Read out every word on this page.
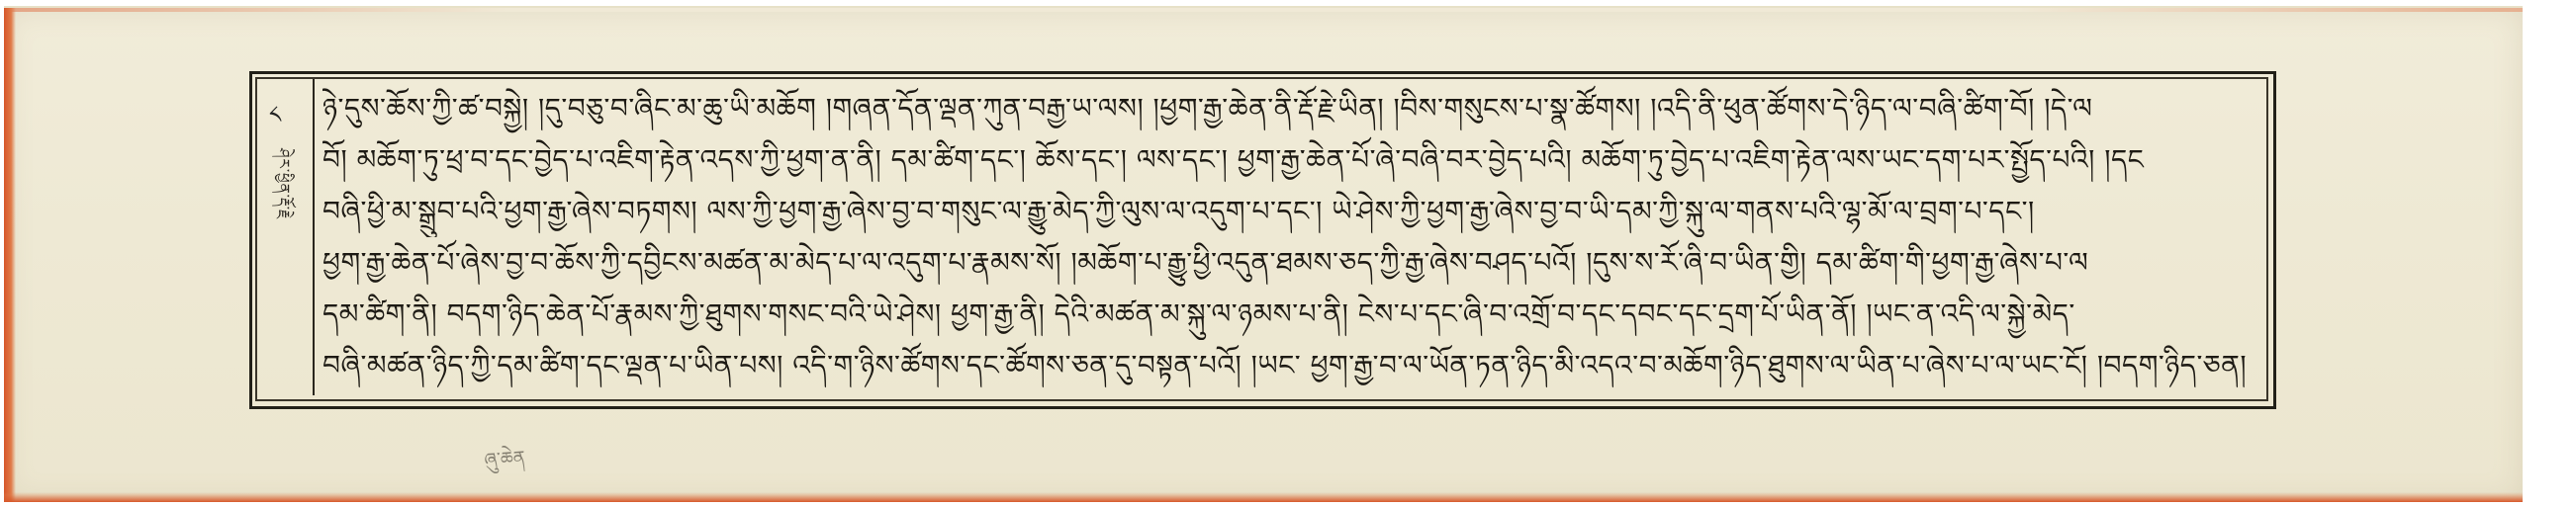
༨
ཤེར་ཕྱིན་རྡོ་རྗེ
ཉེ་དུས་ཆོས་ཀྱི་ཚ་བསྐྱེ། །དུ་བཅུ་བ་ཞིང་མ་ཆུ་ཡི་མཆོག །གཞན་དོན་ལྡན་ཀུན་བརྒྱ་ཡ་ལས། །ཕྱག་རྒྱ་ཆེན་ནི་རྡོ་རྗེ་ཡིན། །བིས་གསུངས་པ་སྣ་ཚོགས། །འདི་ནི་ཕུན་ཚོགས་དེ་ཉིད་ལ་བཞི་ཚིག་བོ། །དེ་ལ
བོ། མཆོག་ཏུ་ཕྲ་བ་དང་བྱེད་པ་འཇིག་རྟེན་འདས་ཀྱི་ཕྱག་ན་ནི། དམ་ཚིག་དང་། ཆོས་དང་། ལས་དང་། ཕྱག་རྒྱ་ཆེན་པོ་ཞེ་བཞི་བར་བྱེད་པའི། མཆོག་ཏུ་བྱེད་པ་འཇིག་རྟེན་ལས་ཡང་དག་པར་སྤྱོད་པའི། །དང
བཞི་ཕྱི་མ་སྒྲུབ་པའི་ཕྱག་རྒྱ་ཞེས་བཏགས། ལས་ཀྱི་ཕྱག་རྒྱ་ཞེས་བྱ་བ་གསུང་ལ་རྒྱུ་མེད་ཀྱི་ལུས་ལ་འདུག་པ་དང་། ཡེ་ཤེས་ཀྱི་ཕྱག་རྒྱ་ཞེས་བྱ་བ་ཡི་དམ་ཀྱི་སྐུ་ལ་གནས་པའི་ལྷ་མོ་ལ་བྲག་པ་དང་།
ཕྱག་རྒྱ་ཆེན་པོ་ཞེས་བྱ་བ་ཆོས་ཀྱི་དབྱིངས་མཚན་མ་མེད་པ་ལ་འདུག་པ་རྣམས་སོ། །མཆོག་པ་རྒྱུ་ཕྱི་འདུན་ཐམས་ཅད་ཀྱི་རྒྱ་ཞེས་བཤད་པའོ། །དུས་ས་རོ་ཞི་བ་ཡིན་གྱི། དམ་ཚིག་གི་ཕྱག་རྒྱ་ཞེས་པ་ལ
དམ་ཚིག་ནི། བདག་ཉིད་ཆེན་པོ་རྣམས་ཀྱི་ཐུགས་གསང་བའི་ཡེ་ཤེས། ཕྱག་རྒྱ་ནི། དེའི་མཚན་མ་སྐུ་ལ་ཉམས་པ་ནི། ངེས་པ་དང་ཞི་བ་འགྲོ་བ་དང་དབང་དང་དྲག་པོ་ཡིན་ནོ། །ཡང་ན་འདི་ལ་སྐྱེ་མེད་
བཞི་མཚན་ཉིད་ཀྱི་དམ་ཚིག་དང་ལྡན་པ་ཡིན་པས། འདི་ག་ཉིས་ཚོགས་དང་ཚོགས་ཅན་དུ་བསྟན་པའོ། །ཡང་ ཕྱག་རྒྱ་བ་ལ་ཡོན་ཏན་ཉིད་མི་འདའ་བ་མཆོག་ཉིད་ཐུགས་ལ་ཡིན་པ་ཞེས་པ་ལ་ཡང་ངོ། །བདག་ཉིད་ཅན།
ཞུ་ཆེན
